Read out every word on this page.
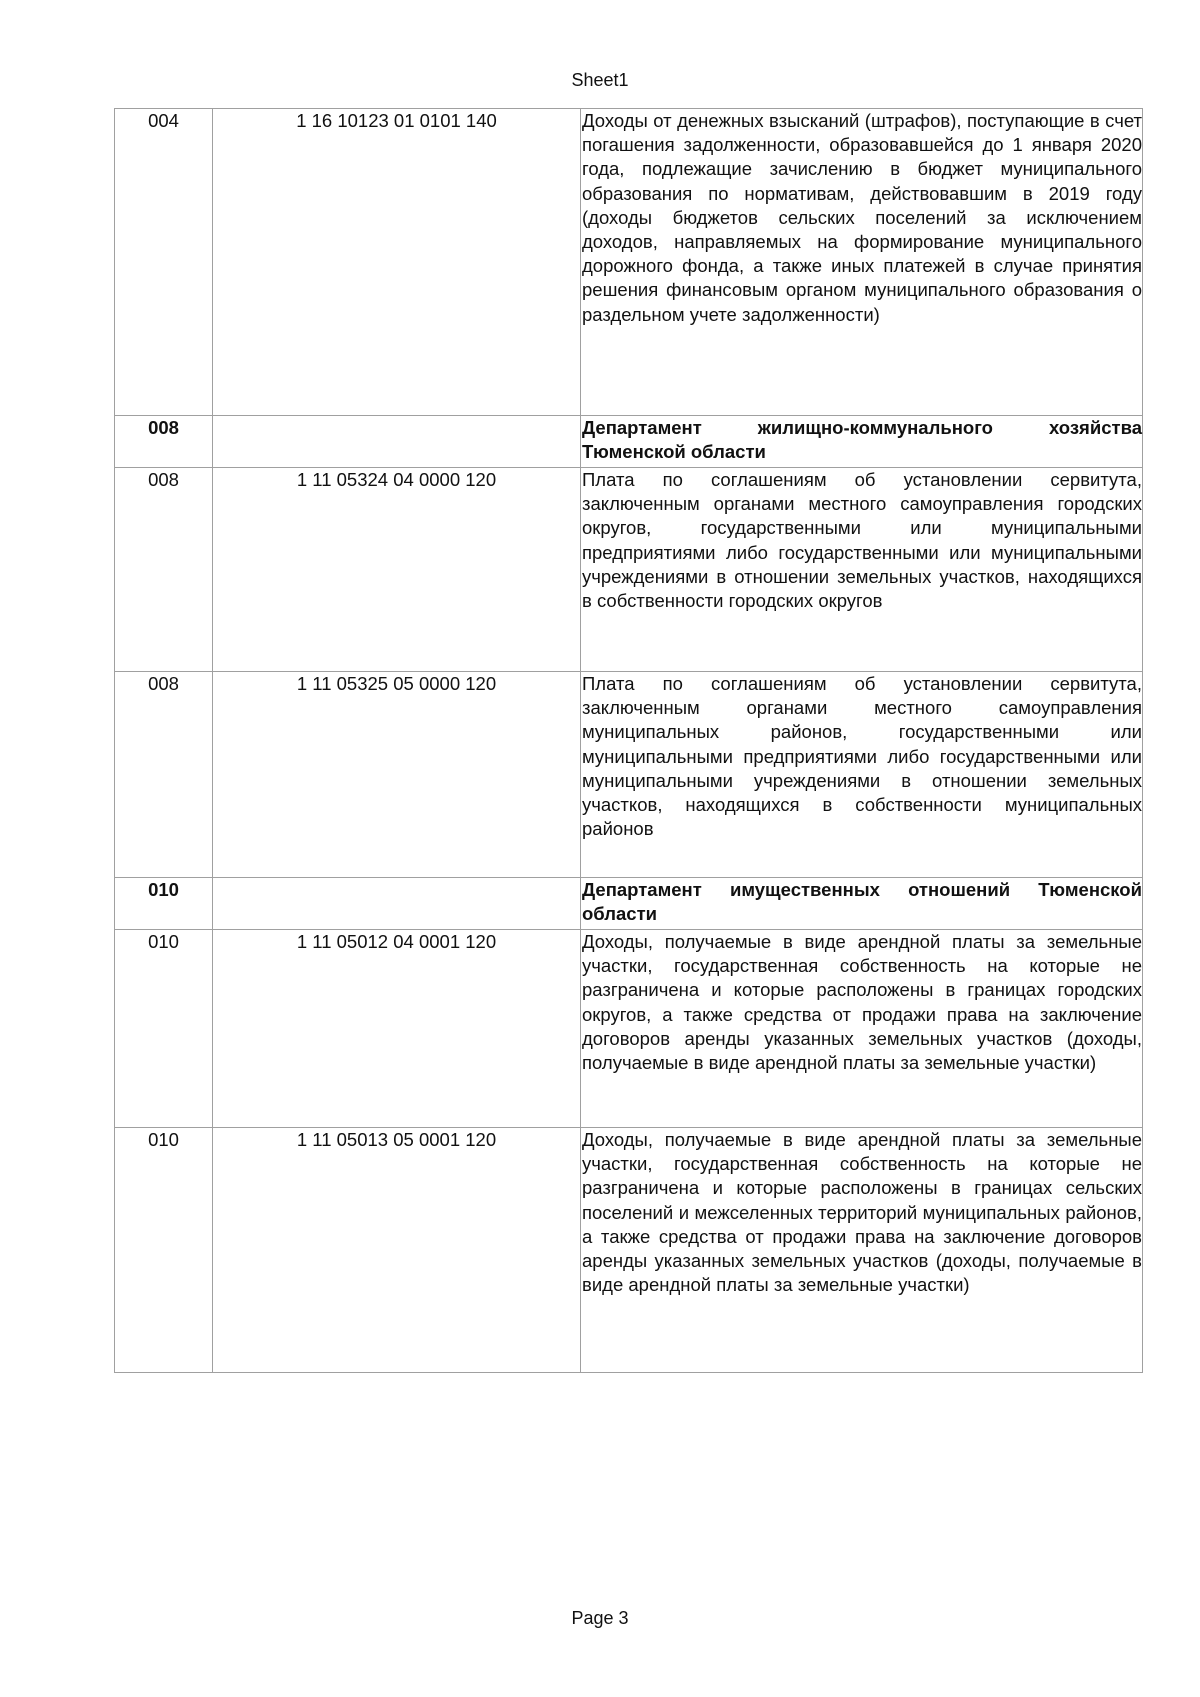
Sheet1
004	1 16 10123 01 0101 140	Доходы от денежных взысканий (штрафов), поступающие в счет погашения задолженности, образовавшейся до 1 января 2020 года, подлежащие зачислению в бюджет муниципального образования по нормативам, действовавшим в 2019 году (доходы бюджетов сельских поселений за исключением доходов, направляемых на формирование муниципального дорожного фонда, а также иных платежей в случае принятия решения финансовым органом муниципального образования о раздельном учете задолженности)
008		Департамент жилищно-коммунального хозяйства Тюменской области
008	1 11 05324 04 0000 120	Плата по соглашениям об установлении сервитута, заключенным органами местного самоуправления городских округов, государственными или муниципальными предприятиями либо государственными или муниципальными учреждениями в отношении земельных участков, находящихся в собственности городских округов
008	1 11 05325 05 0000 120	Плата по соглашениям об установлении сервитута, заключенным органами местного самоуправления муниципальных районов, государственными или муниципальными предприятиями либо государственными или муниципальными учреждениями в отношении земельных участков, находящихся в собственности муниципальных районов
010		Департамент имущественных отношений Тюменской области
010	1 11 05012 04 0001 120	Доходы, получаемые в виде арендной платы за земельные участки, государственная собственность на которые не разграничена и которые расположены в границах городских округов, а также средства от продажи права на заключение договоров аренды указанных земельных участков (доходы, получаемые в виде арендной платы за земельные участки)
010	1 11 05013 05 0001 120	Доходы, получаемые в виде арендной платы за земельные участки, государственная собственность на которые не разграничена и которые расположены в границах сельских поселений и межселенных территорий муниципальных районов, а также средства от продажи права на заключение договоров аренды указанных земельных участков (доходы, получаемые в виде арендной платы за земельные участки)
Page 3
